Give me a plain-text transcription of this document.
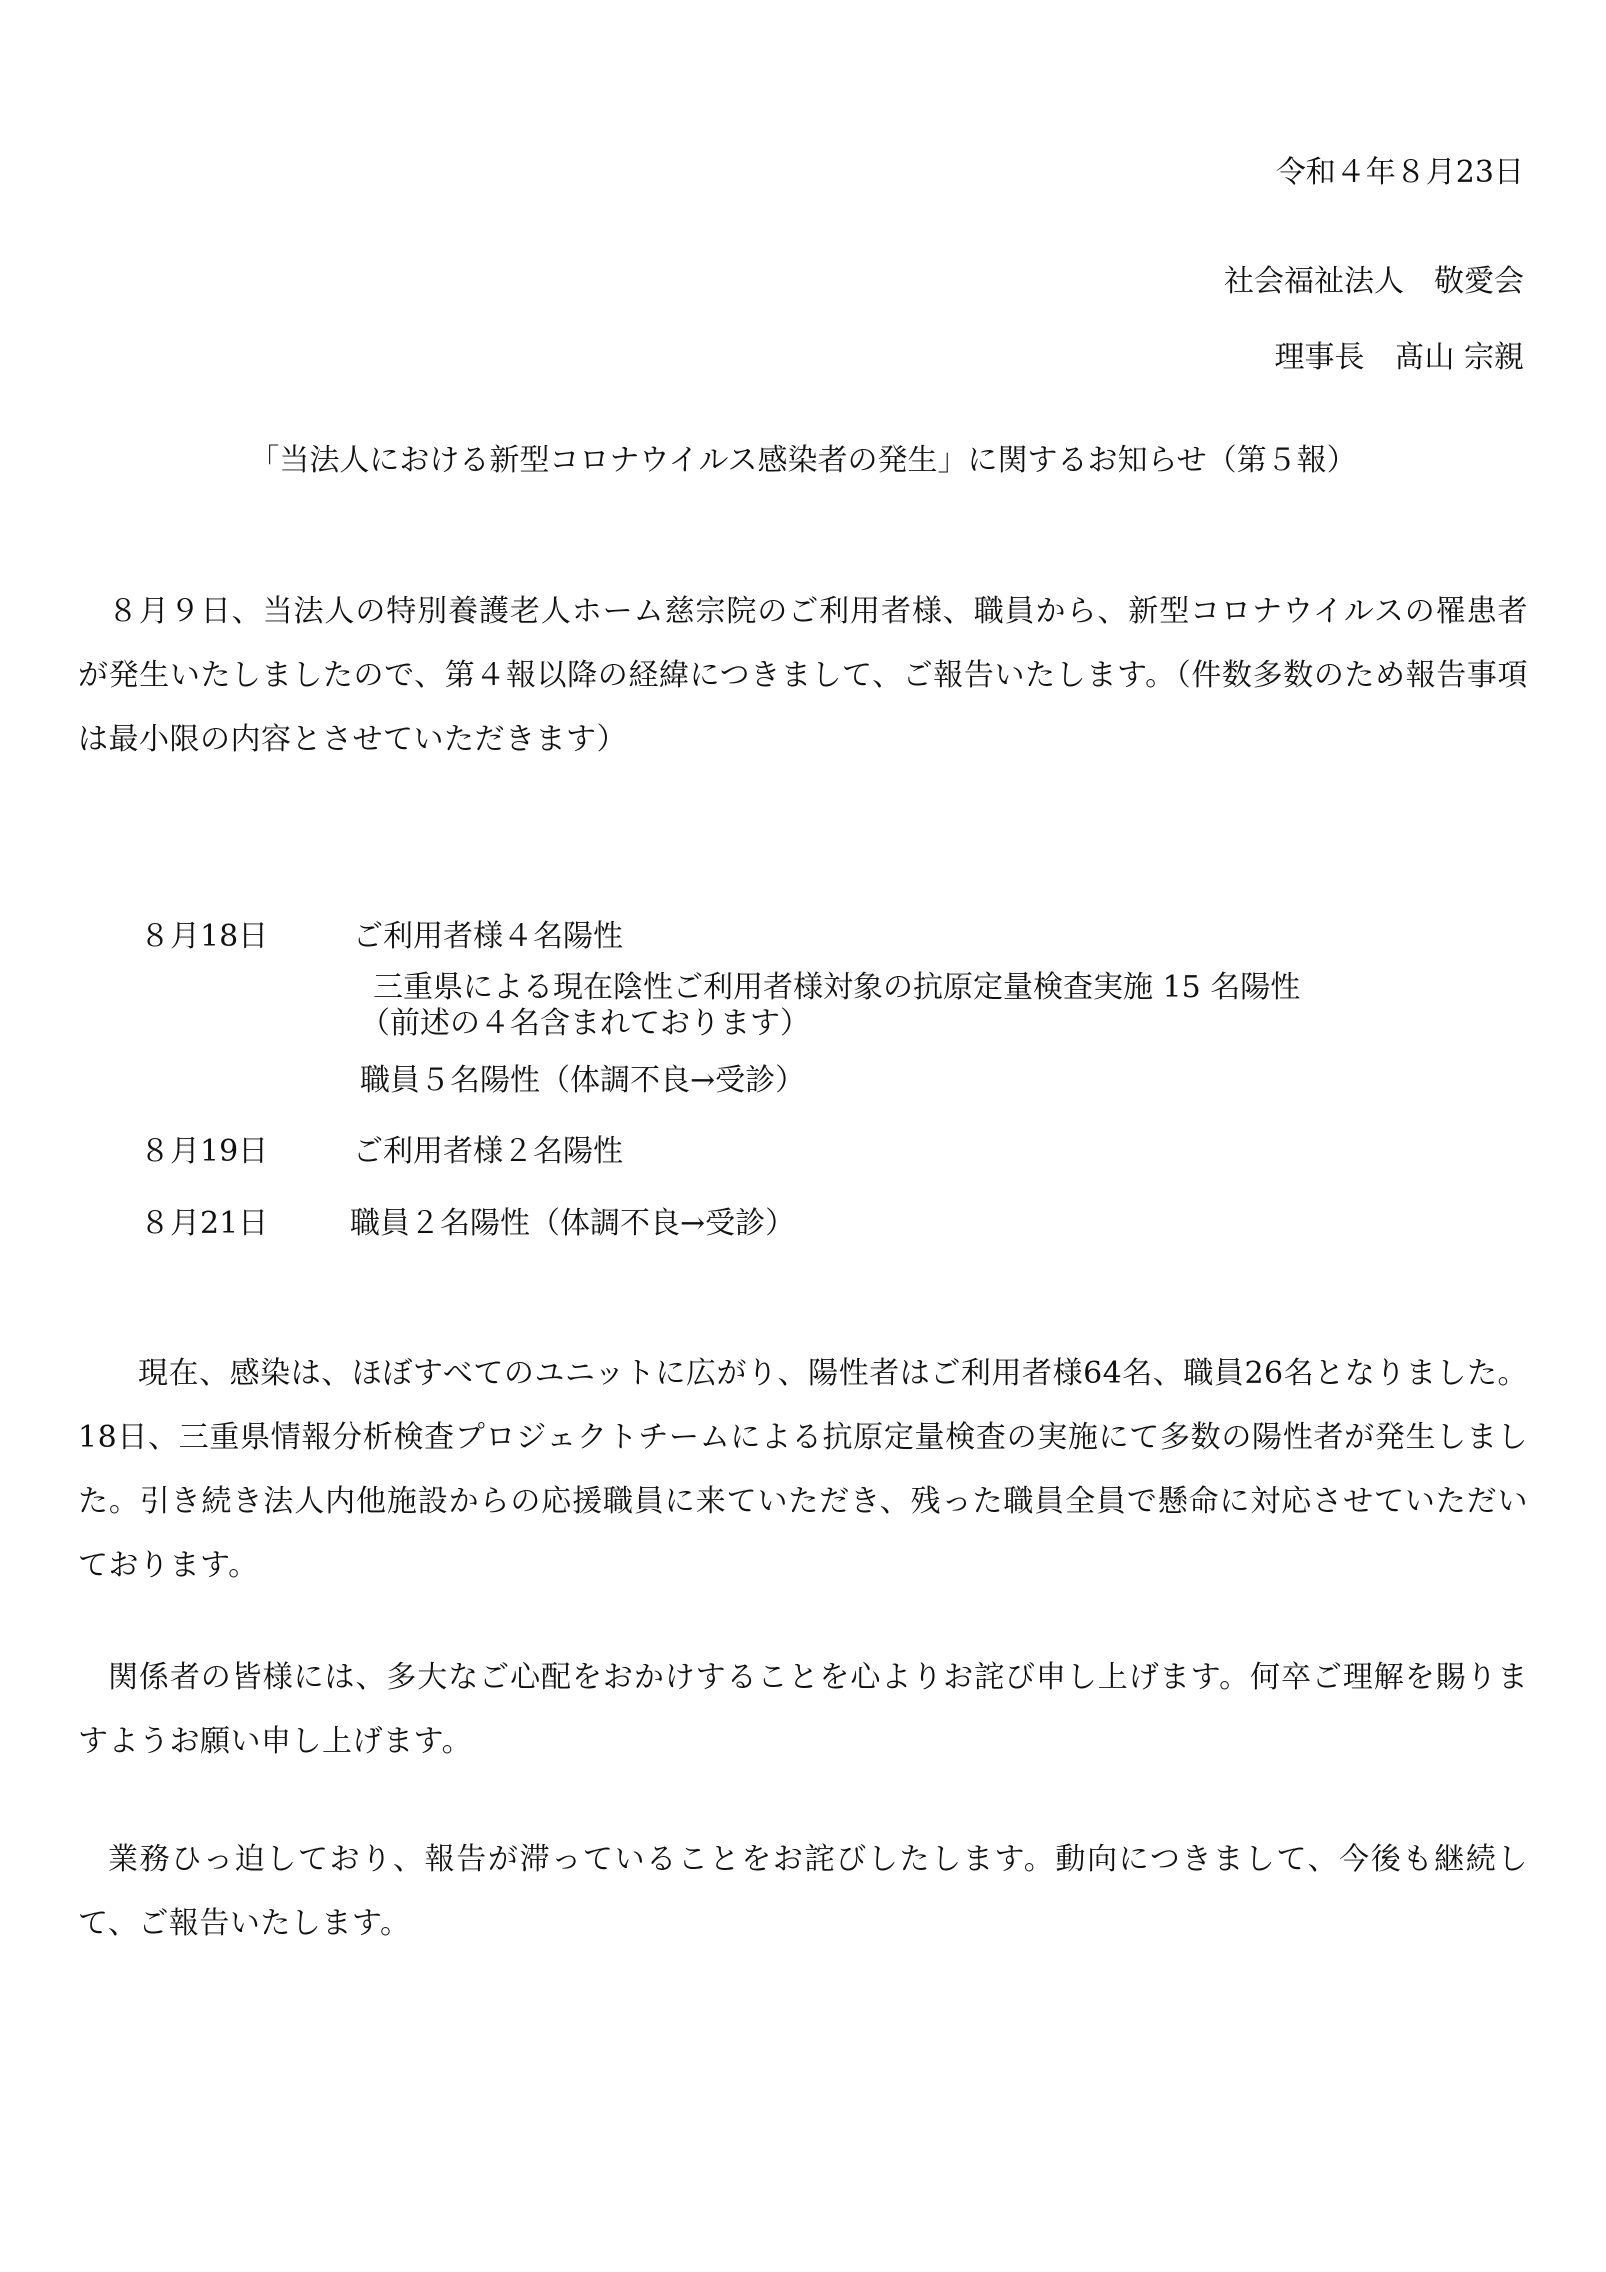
令和４年８月23日
社会福祉法人　敬愛会
理事長　髙山 宗親
「当法人における新型コロナウイルス感染者の発生」に関するお知らせ（第５報）
８月９日、当法人の特別養護老人ホーム慈宗院のご利用者様、職員から、新型コロナウイルスの罹患者が発生いたしましたので、第４報以降の経緯につきまして、ご報告いたします。（件数多数のため報告事項は最小限の内容とさせていただきます）
８月18日	ご利用者様４名陽性
三重県による現在陰性ご利用者様対象の抗原定量検査実施 15 名陽性
（前述の４名含まれております）
職員５名陽性（体調不良→受診）
８月19日	ご利用者様２名陽性
８月21日	職員２名陽性（体調不良→受診）
現在、感染は、ほぼすべてのユニットに広がり、陽性者はご利用者様64名、職員26名となりました。18日、三重県情報分析検査プロジェクトチームによる抗原定量検査の実施にて多数の陽性者が発生しました。引き続き法人内他施設からの応援職員に来ていただき、残った職員全員で懸命に対応させていただいております。
関係者の皆様には、多大なご心配をおかけすることを心よりお詫び申し上げます。何卒ご理解を賜りますようお願い申し上げます。
業務ひっ迫しており、報告が滞っていることをお詫びしたします。動向につきまして、今後も継続して、ご報告いたします。
